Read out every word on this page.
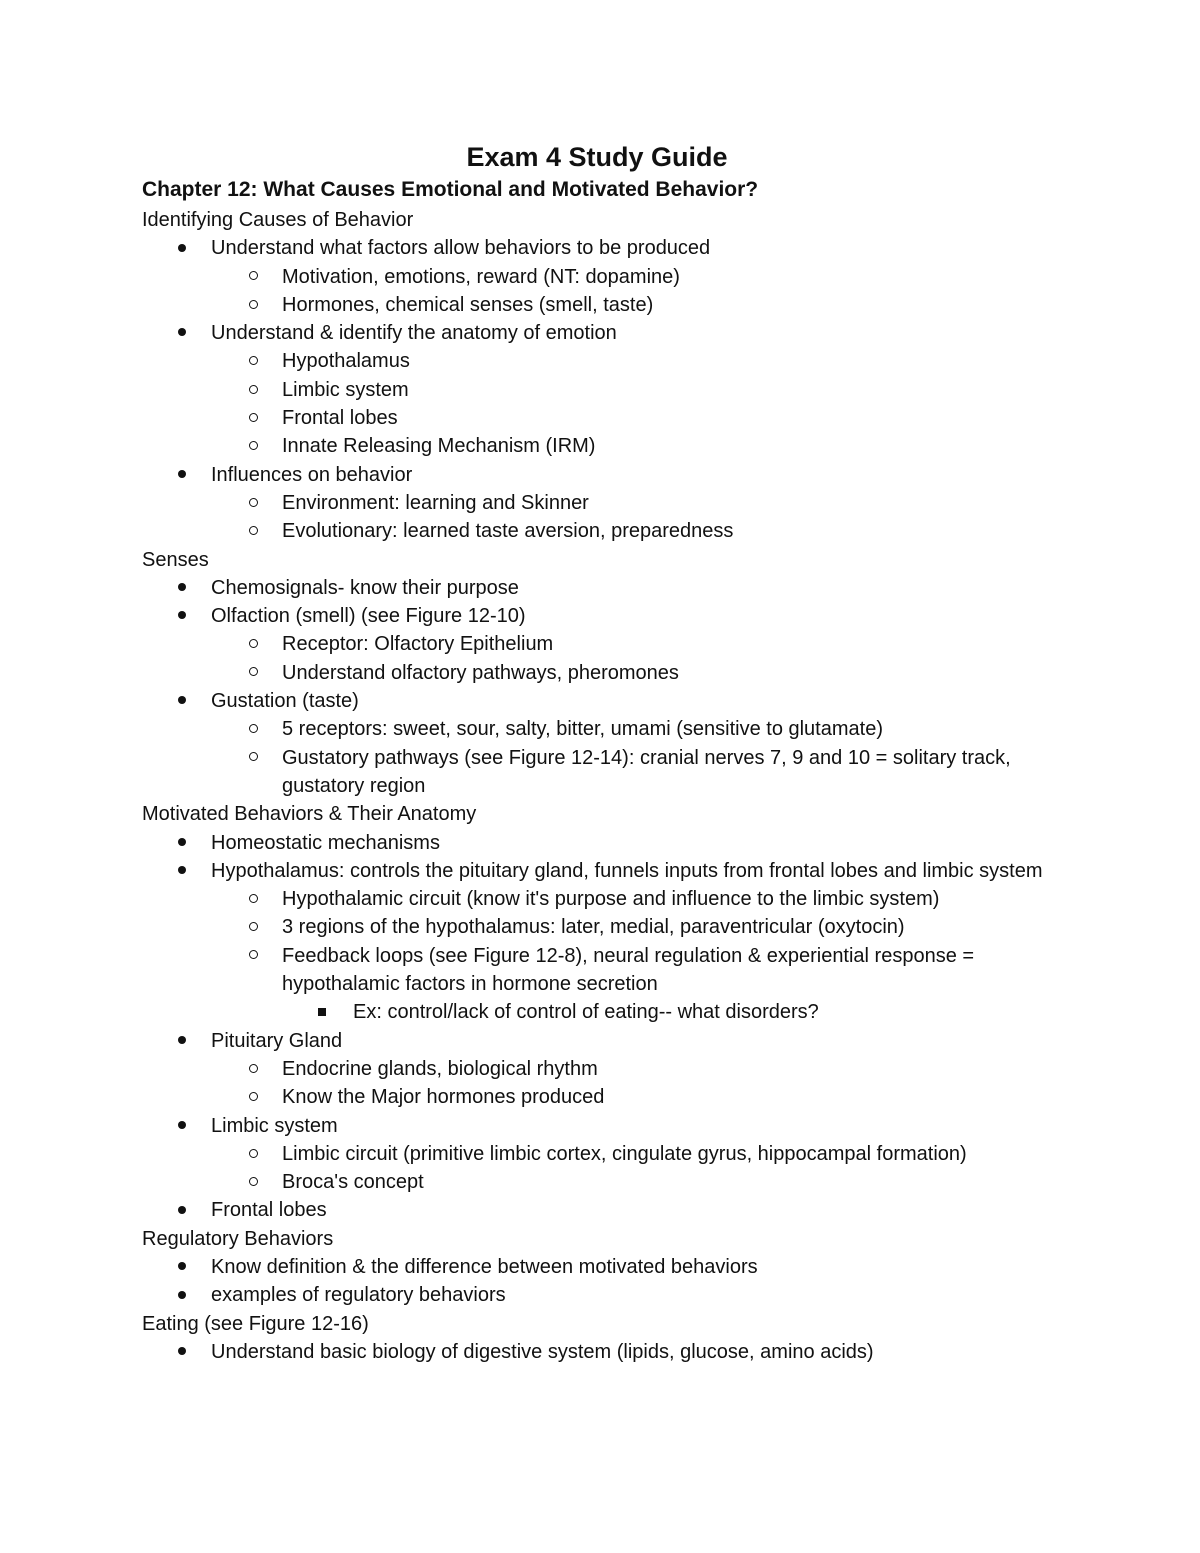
Exam 4 Study Guide
Chapter 12: What Causes Emotional and Motivated Behavior?
Identifying Causes of Behavior
Understand what factors allow behaviors to be produced
Motivation, emotions, reward (NT: dopamine)
Hormones, chemical senses (smell, taste)
Understand & identify the anatomy of emotion
Hypothalamus
Limbic system
Frontal lobes
Innate Releasing Mechanism (IRM)
Influences on behavior
Environment: learning and Skinner
Evolutionary: learned taste aversion, preparedness
Senses
Chemosignals- know their purpose
Olfaction (smell) (see Figure 12-10)
Receptor: Olfactory Epithelium
Understand olfactory pathways, pheromones
Gustation (taste)
5 receptors: sweet, sour, salty, bitter, umami (sensitive to glutamate)
Gustatory pathways (see Figure 12-14): cranial nerves 7, 9 and 10 = solitary track, gustatory region
Motivated Behaviors & Their Anatomy
Homeostatic mechanisms
Hypothalamus: controls the pituitary gland, funnels inputs from frontal lobes and limbic system
Hypothalamic circuit (know it's purpose and influence to the limbic system)
3 regions of the hypothalamus: later, medial, paraventricular (oxytocin)
Feedback loops (see Figure 12-8), neural regulation & experiential response = hypothalamic factors in hormone secretion
Ex: control/lack of control of eating-- what disorders?
Pituitary Gland
Endocrine glands, biological rhythm
Know the Major hormones produced
Limbic system
Limbic circuit (primitive limbic cortex, cingulate gyrus, hippocampal formation)
Broca's concept
Frontal lobes
Regulatory Behaviors
Know definition & the difference between motivated behaviors
examples of regulatory behaviors
Eating (see Figure 12-16)
Understand basic biology of digestive system (lipids, glucose, amino acids)
